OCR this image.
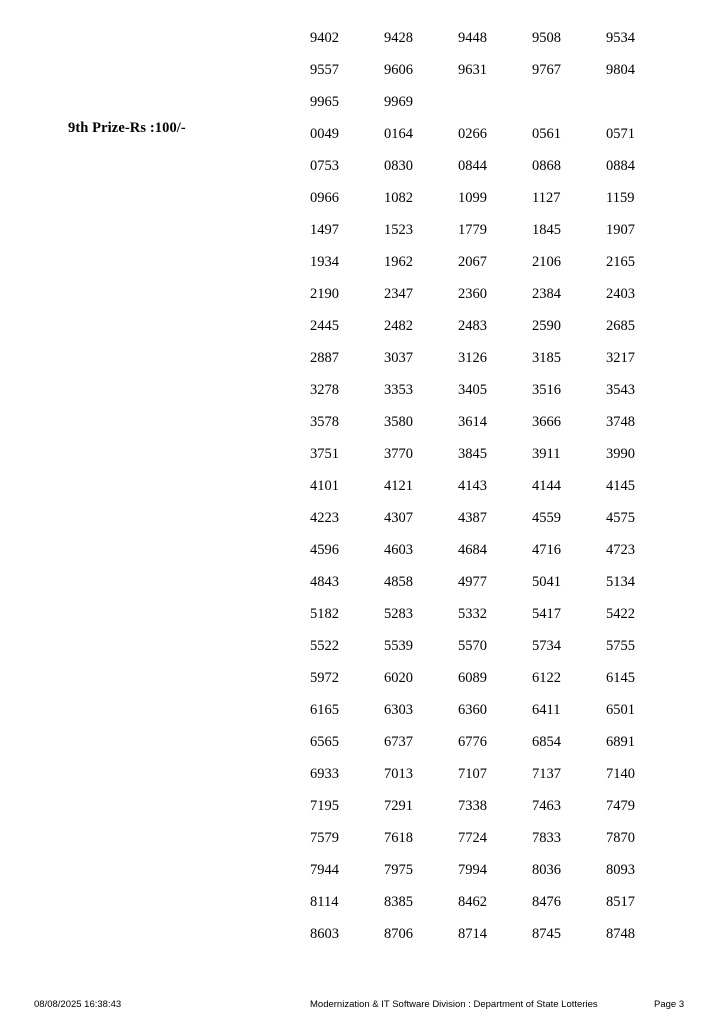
9th Prize-Rs :100/-
9402	9428	9448	9508	9534
9557	9606	9631	9767	9804
9965	9969			
0049	0164	0266	0561	0571
0753	0830	0844	0868	0884
0966	1082	1099	1127	1159
1497	1523	1779	1845	1907
1934	1962	2067	2106	2165
2190	2347	2360	2384	2403
2445	2482	2483	2590	2685
2887	3037	3126	3185	3217
3278	3353	3405	3516	3543
3578	3580	3614	3666	3748
3751	3770	3845	3911	3990
4101	4121	4143	4144	4145
4223	4307	4387	4559	4575
4596	4603	4684	4716	4723
4843	4858	4977	5041	5134
5182	5283	5332	5417	5422
5522	5539	5570	5734	5755
5972	6020	6089	6122	6145
6165	6303	6360	6411	6501
6565	6737	6776	6854	6891
6933	7013	7107	7137	7140
7195	7291	7338	7463	7479
7579	7618	7724	7833	7870
7944	7975	7994	8036	8093
8114	8385	8462	8476	8517
8603	8706	8714	8745	8748
08/08/2025 16:38:43	Modernization & IT Software Division : Department of State Lotteries	Page 3
